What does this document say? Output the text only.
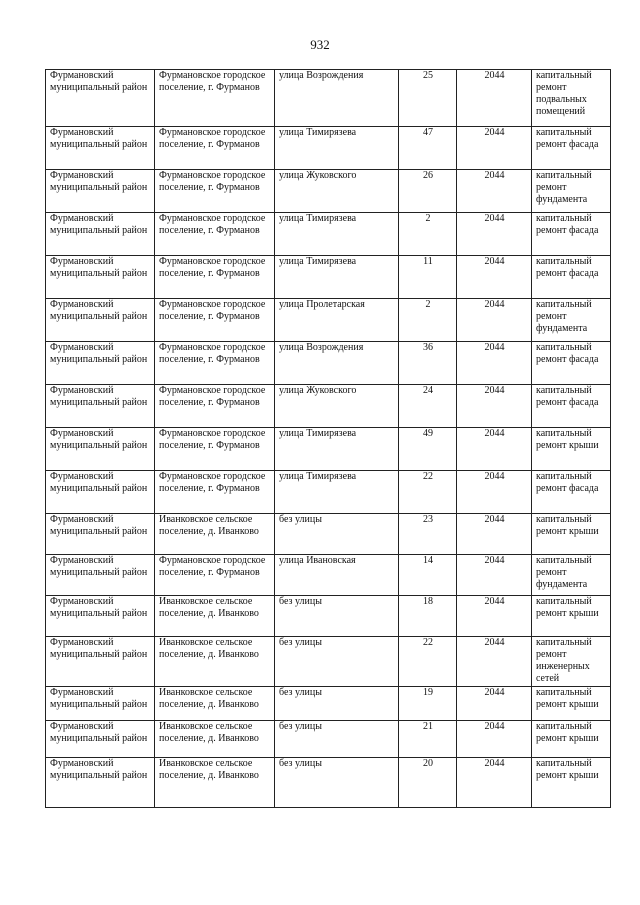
932
Фурмановский муниципальный район	Фурмановское городское поселение, г. Фурманов	улица Возрождения	25	2044	капитальный ремонт подвальных помещений

Фурмановский муниципальный район	Фурмановское городское поселение, г. Фурманов	улица Тимирязева	47	2044	капитальный ремонт фасада

Фурмановский муниципальный район	Фурмановское городское поселение, г. Фурманов	улица Жуковского	26	2044	капитальный ремонт фундамента

Фурмановский муниципальный район	Фурмановское городское поселение, г. Фурманов	улица Тимирязева	2	2044	капитальный ремонт фасада

Фурмановский муниципальный район	Фурмановское городское поселение, г. Фурманов	улица Тимирязева	11	2044	капитальный ремонт фасада

Фурмановский муниципальный район	Фурмановское городское поселение, г. Фурманов	улица Пролетарская	2	2044	капитальный ремонт фундамента

Фурмановский муниципальный район	Фурмановское городское поселение, г. Фурманов	улица Возрождения	36	2044	капитальный ремонт фасада

Фурмановский муниципальный район	Фурмановское городское поселение, г. Фурманов	улица Жуковского	24	2044	капитальный ремонт фасада

Фурмановский муниципальный район	Фурмановское городское поселение, г. Фурманов	улица Тимирязева	49	2044	капитальный ремонт крыши

Фурмановский муниципальный район	Фурмановское городское поселение, г. Фурманов	улица Тимирязева	22	2044	капитальный ремонт фасада

Фурмановский муниципальный район	Иванковское сельское поселение, д. Иванково	без улицы	23	2044	капитальный ремонт крыши

Фурмановский муниципальный район	Фурмановское городское поселение, г. Фурманов	улица Ивановская	14	2044	капитальный ремонт фундамента

Фурмановский муниципальный район	Иванковское сельское поселение, д. Иванково	без улицы	18	2044	капитальный ремонт крыши

Фурмановский муниципальный район	Иванковское сельское поселение, д. Иванково	без улицы	22	2044	капитальный ремонт инженерных сетей

Фурмановский муниципальный район	Иванковское сельское поселение, д. Иванково	без улицы	19	2044	капитальный ремонт крыши

Фурмановский муниципальный район	Иванковское сельское поселение, д. Иванково	без улицы	21	2044	капитальный ремонт крыши

Фурмановский муниципальный район	Иванковское сельское поселение, д. Иванково	без улицы	20	2044	капитальный ремонт крыши
